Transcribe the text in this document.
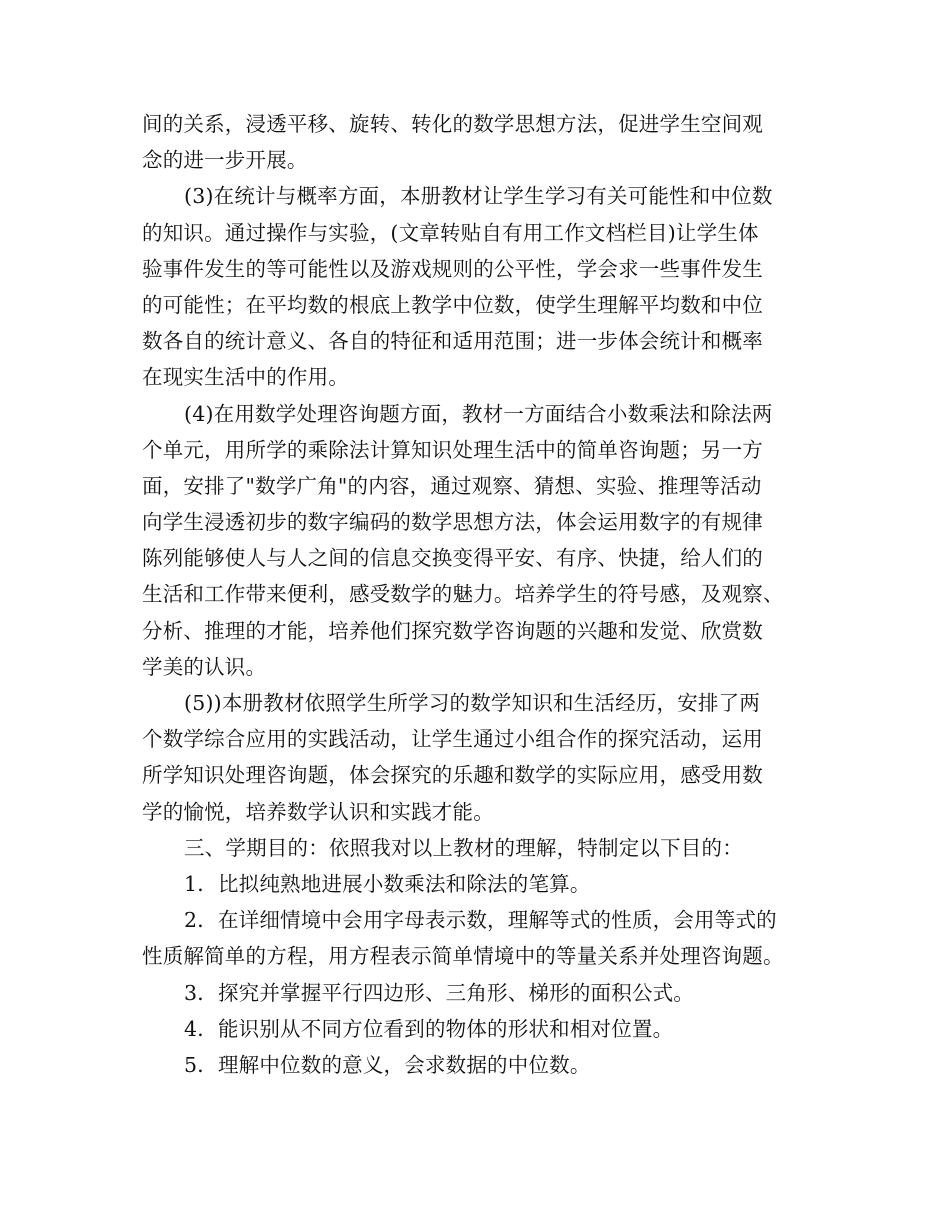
间的关系，浸透平移、旋转、转化的数学思想方法，促进学生空间观
念的进一步开展。
(3)在统计与概率方面，本册教材让学生学习有关可能性和中位数
的知识。通过操作与实验，(文章转贴自有用工作文档栏目)让学生体
验事件发生的等可能性以及游戏规则的公平性，学会求一些事件发生
的可能性；在平均数的根底上教学中位数，使学生理解平均数和中位
数各自的统计意义、各自的特征和适用范围；进一步体会统计和概率
在现实生活中的作用。
(4)在用数学处理咨询题方面，教材一方面结合小数乘法和除法两
个单元，用所学的乘除法计算知识处理生活中的简单咨询题；另一方
面，安排了"数学广角"的内容，通过观察、猜想、实验、推理等活动
向学生浸透初步的数字编码的数学思想方法，体会运用数字的有规律
陈列能够使人与人之间的信息交换变得平安、有序、快捷，给人们的
生活和工作带来便利，感受数学的魅力。培养学生的符号感，及观察、
分析、推理的才能，培养他们探究数学咨询题的兴趣和发觉、欣赏数
学美的认识。
(5))本册教材依照学生所学习的数学知识和生活经历，安排了两
个数学综合应用的实践活动，让学生通过小组合作的探究活动，运用
所学知识处理咨询题，体会探究的乐趣和数学的实际应用，感受用数
学的愉悦，培养数学认识和实践才能。
三、学期目的：依照我对以上教材的理解，特制定以下目的：
1．比拟纯熟地进展小数乘法和除法的笔算。
2．在详细情境中会用字母表示数，理解等式的性质，会用等式的
性质解简单的方程，用方程表示简单情境中的等量关系并处理咨询题。
3．探究并掌握平行四边形、三角形、梯形的面积公式。
4．能识别从不同方位看到的物体的形状和相对位置。
5．理解中位数的意义，会求数据的中位数。
